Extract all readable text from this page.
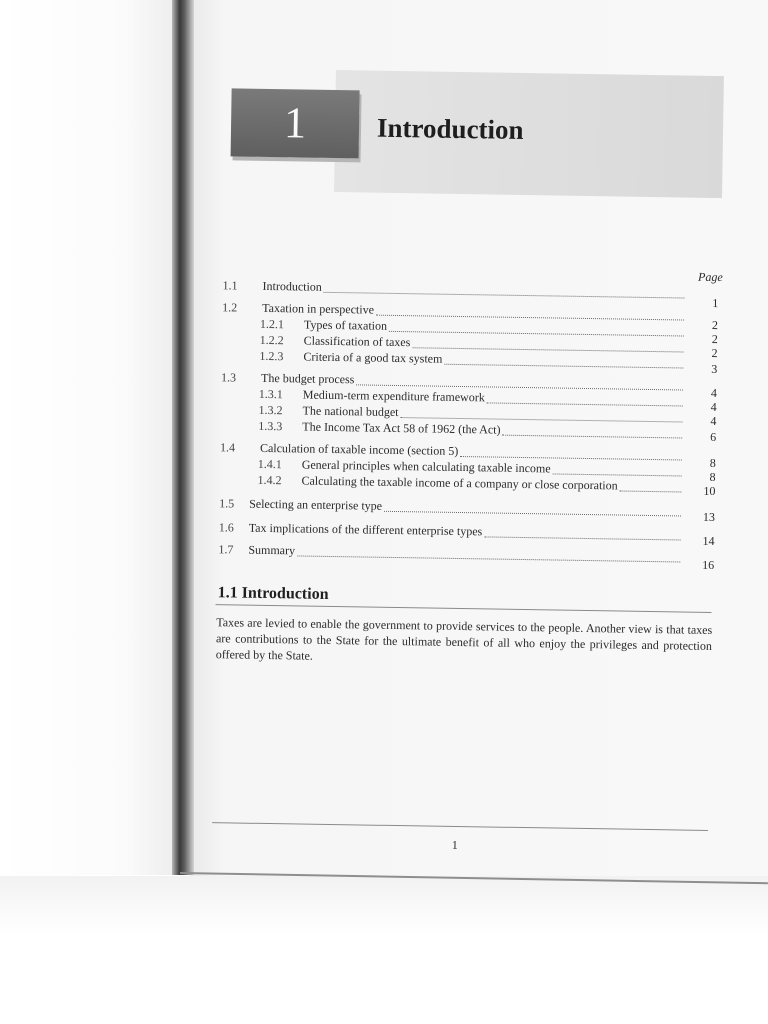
1	Introduction
Page
1.1 Introduction
1
1.2 Taxation in perspective
2
1.2.1 Types of taxation
2
1.2.2 Classification of taxes
2
1.2.3 Criteria of a good tax system
3
1.3 The budget process
4
1.3.1 Medium-term expenditure framework
4
1.3.2 The national budget
4
1.3.3 The Income Tax Act 58 of 1962 (the Act)
6
1.4 Calculation of taxable income (section 5)
8
1.4.1 General principles when calculating taxable income
8
1.4.2 Calculating the taxable income of a company or close corporation	10
1.5 Selecting an enterprise type
13
1.6 Tax implications of the different enterprise types
14
1.7 Summary
16
1.1 Introduction
Taxes are levied to enable the government to provide services to the people. Another view is that taxes are contributions to the State for the ultimate benefit of all who enjoy the privileges and protection offered by the State.
1
